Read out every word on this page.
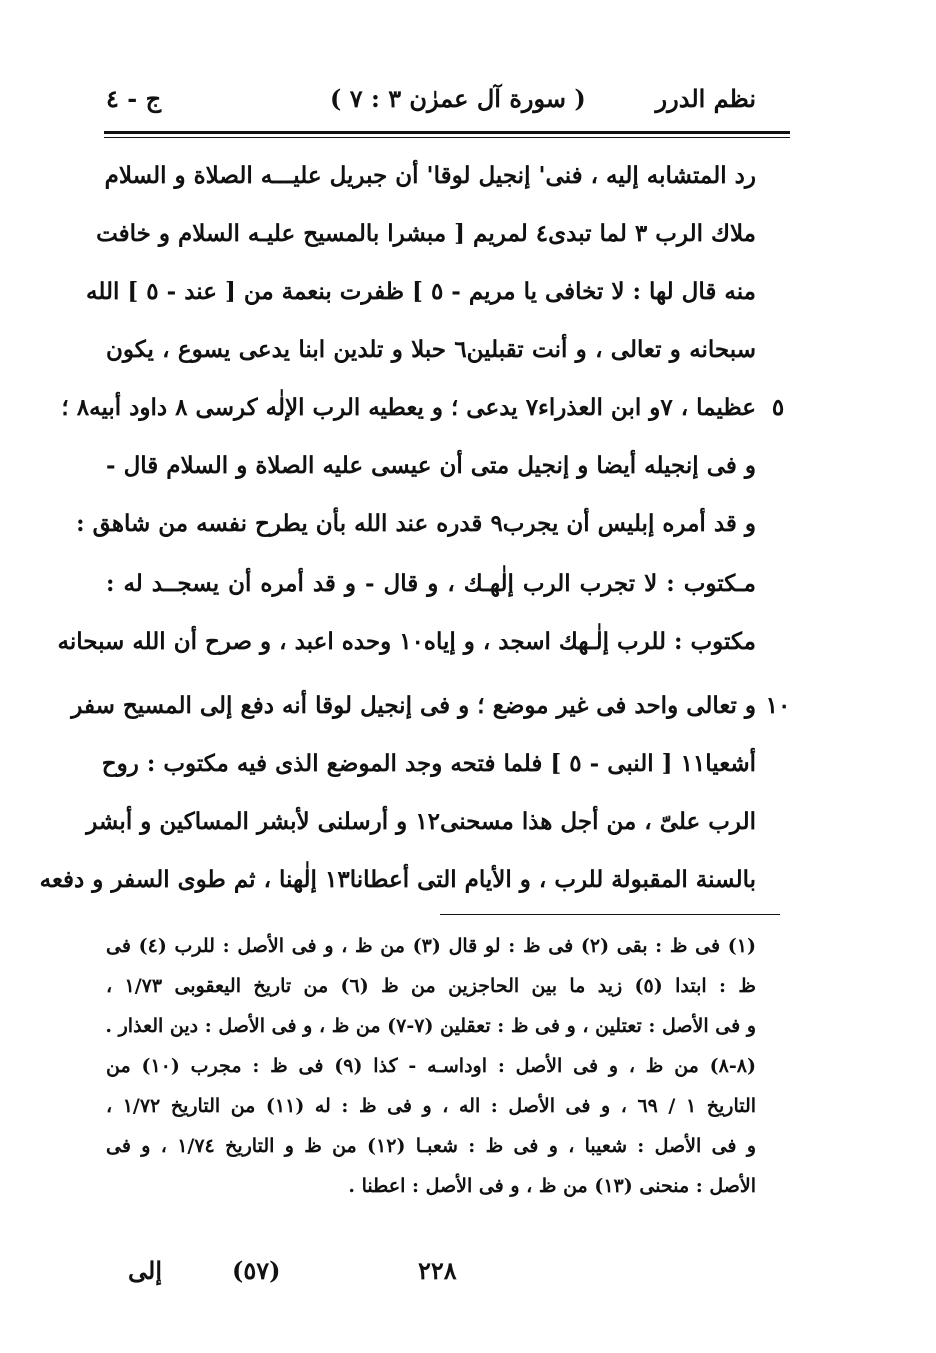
نظم الدرر
( سورة آل عمرٰن ٣ : ٧ )
ج - ٤
رد المتشابه إليه ، فنى‌' إنجيل لوقا‌' أن جبريل عليـــه الصلاة و السلام
ملاك الرب ٣ لما تبدى‌٤ لمريم [ مبشرا بالمسيح عليـه السلام و خافت
منه قال لها : لا تخافى يا مريم - ٥ ] ظفرت بنعمة من [ عند - ٥ ] الله
سبحانه و تعالى ، و أنت تقبلين‌٦ حبلا و تلدين ابنا يدعى يسوع ، يكون
عظيما ، ‌٧و ابن العذراء‌٧ يدعى ؛ و يعطيه الرب الإلٰه كرسى ‌٨ داود أبيه‌٨ ؛
و فى إنجيله أيضا و إنجيل متى أن عيسى عليه الصلاة و السلام قال -
و قد أمره إبليس أن يجرب‌٩ قدره عند الله بأن يطرح نفسه من شاهق :
مـكتوب : لا تجرب الرب إلٰهـك ، و قال - و قد أمره أن يسجــد له :
مكتوب : للرب إلٰـهك اسجد ، و إياه‌١٠ وحده اعبد ، و صرح أن الله سبحانه
و تعالى واحد فى غير موضع ؛ و فى إنجيل لوقا أنه دفع إلى المسيح سفر
أشعيا‌١١ [ النبى - ٥ ] فلما فتحه وجد الموضع الذى فيه مكتوب : روح
الرب علىّ ، من أجل هذا مسحنى‌١٢ و أرسلنى لأبشر المساكين و أبشر
بالسنة المقبولة للرب ، و الأيام التى أعطانا‌١٣ إلٰهنا ، ثم طوى السفر و دفعه
٥
١٠
(١) فى ظ : بقى (٢) فى ظ : لو قال (٣) من ظ ، و فى الأصل : للرب (٤) فى
ظ : ابتدا (٥) زيد ما بين الحاجزين من ظ (٦) من تاريخ اليعقوبى ١/٧٣ ،
و فى الأصل : تعتلين ، و فى ظ : تعقلين (٧-٧) من ظ ، و فى الأصل : دين العذار .
(٨-٨) من ظ ، و فى الأصل : اوداسـه - كذا (٩) فى ظ : مجرب (١٠) من
التاريخ ١ / ٦٩ ، و فى الأصل : اله ، و فى ظ : له (١١) من التاريخ ١/٧٢ ،
و فى الأصل : شعيبا ، و فى ظ : شعبـا (١٢) من ظ و التاريخ ١/٧٤ ، و فى
الأصل : منحنى (١٣) من ظ ، و فى الأصل : اعطنا .
٢٢٨
(٥٧)
إلى
